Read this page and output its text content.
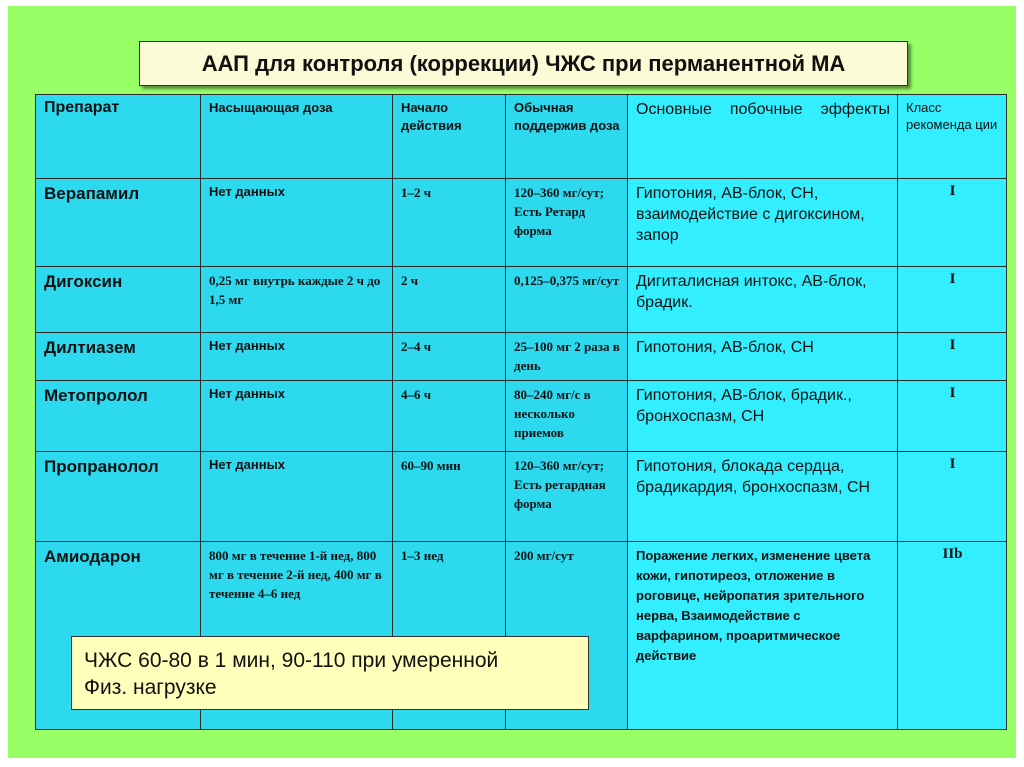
ААП для контроля (коррекции) ЧЖС при перманентной МА
Препарат	Насыщающая доза	Начало действия	Обычная поддержив доза	Основные побочные эффекты	Класс рекоменда ции
Верапамил	Нет данных	1–2 ч	120–360 мг/сут; Есть Ретард форма	Гипотония, АВ-блок, СН, взаимодействие с дигоксином, запор	I
Дигоксин	0,25 мг внутрь каждые 2 ч до 1,5 мг	2 ч	0,125–0,375 мг/сут	Дигиталисная интокс, АВ-блок, брадик.	I
Дилтиазем	Нет данных	2–4 ч	25–100 мг 2 раза в день	Гипотония, АВ-блок, СН	I
Метопролол	Нет данных	4–6 ч	80–240 мг/с в несколько приемов	Гипотония, АВ-блок, брадик., бронхоспазм, СН	I
Пропранолол	Нет данных	60–90 мин	120–360 мг/сут; Есть ретардная форма	Гипотония, блокада сердца, брадикардия, бронхоспазм, СН	I
Амиодарон	800 мг в течение 1-й нед, 800 мг в течение 2-й нед, 400 мг в течение 4–6 нед	1–3 нед	200 мг/сут	Поражение легких, изменение цвета кожи, гипотиреоз, отложение в роговице, нейропатия зрительного нерва, Взаимодействие с варфарином, проаритмическое действие	IIb
ЧЖС 60-80 в 1 мин, 90-110 при умеренной
Физ. нагрузке
